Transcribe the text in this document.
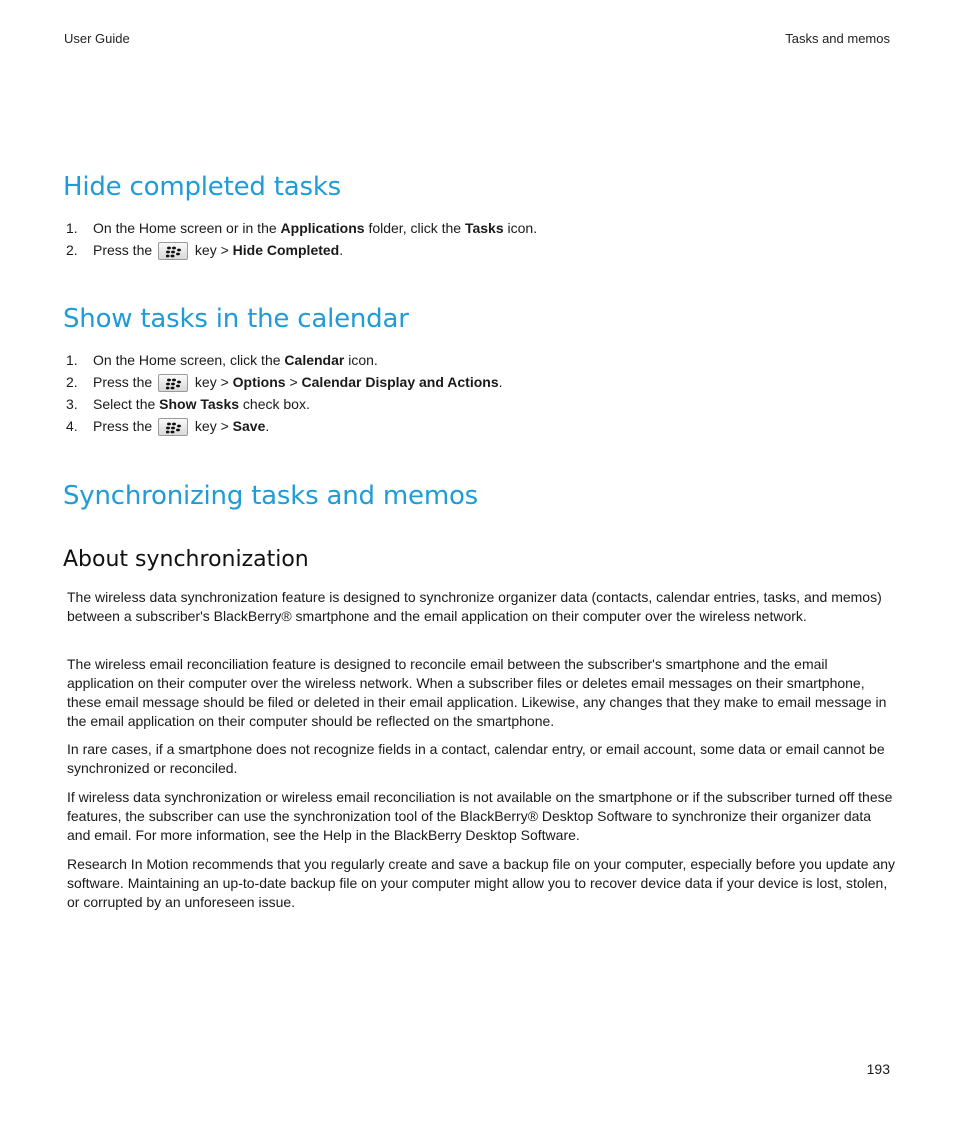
User Guide	Tasks and memos
Hide completed tasks
1. On the Home screen or in the Applications folder, click the Tasks icon.
2. Press the	key > Hide Completed.
Show tasks in the calendar
1. On the Home screen, click the Calendar icon.
2. Press the	key > Options > Calendar Display and Actions.
3. Select the Show Tasks check box.
4. Press the	key > Save.
Synchronizing tasks and memos
About synchronization

The wireless data synchronization feature is designed to synchronize organizer data (contacts, calendar entries, tasks, and memos) between a subscriber's BlackBerry® smartphone and the email application on their computer over the wireless network.

The wireless email reconciliation feature is designed to reconcile email between the subscriber's smartphone and the email application on their computer over the wireless network. When a subscriber files or deletes email messages on their smartphone, these email message should be filed or deleted in their email application. Likewise, any changes that they make to email message in the email application on their computer should be reflected on the smartphone.

In rare cases, if a smartphone does not recognize fields in a contact, calendar entry, or email account, some data or email cannot be synchronized or reconciled.

If wireless data synchronization or wireless email reconciliation is not available on the smartphone or if the subscriber turned off these features, the subscriber can use the synchronization tool of the BlackBerry® Desktop Software to synchronize their organizer data and email. For more information, see the Help in the BlackBerry Desktop Software.

Research In Motion recommends that you regularly create and save a backup file on your computer, especially before you update any software. Maintaining an up-to-date backup file on your computer might allow you to recover device data if your device is lost, stolen, or corrupted by an unforeseen issue.

193
